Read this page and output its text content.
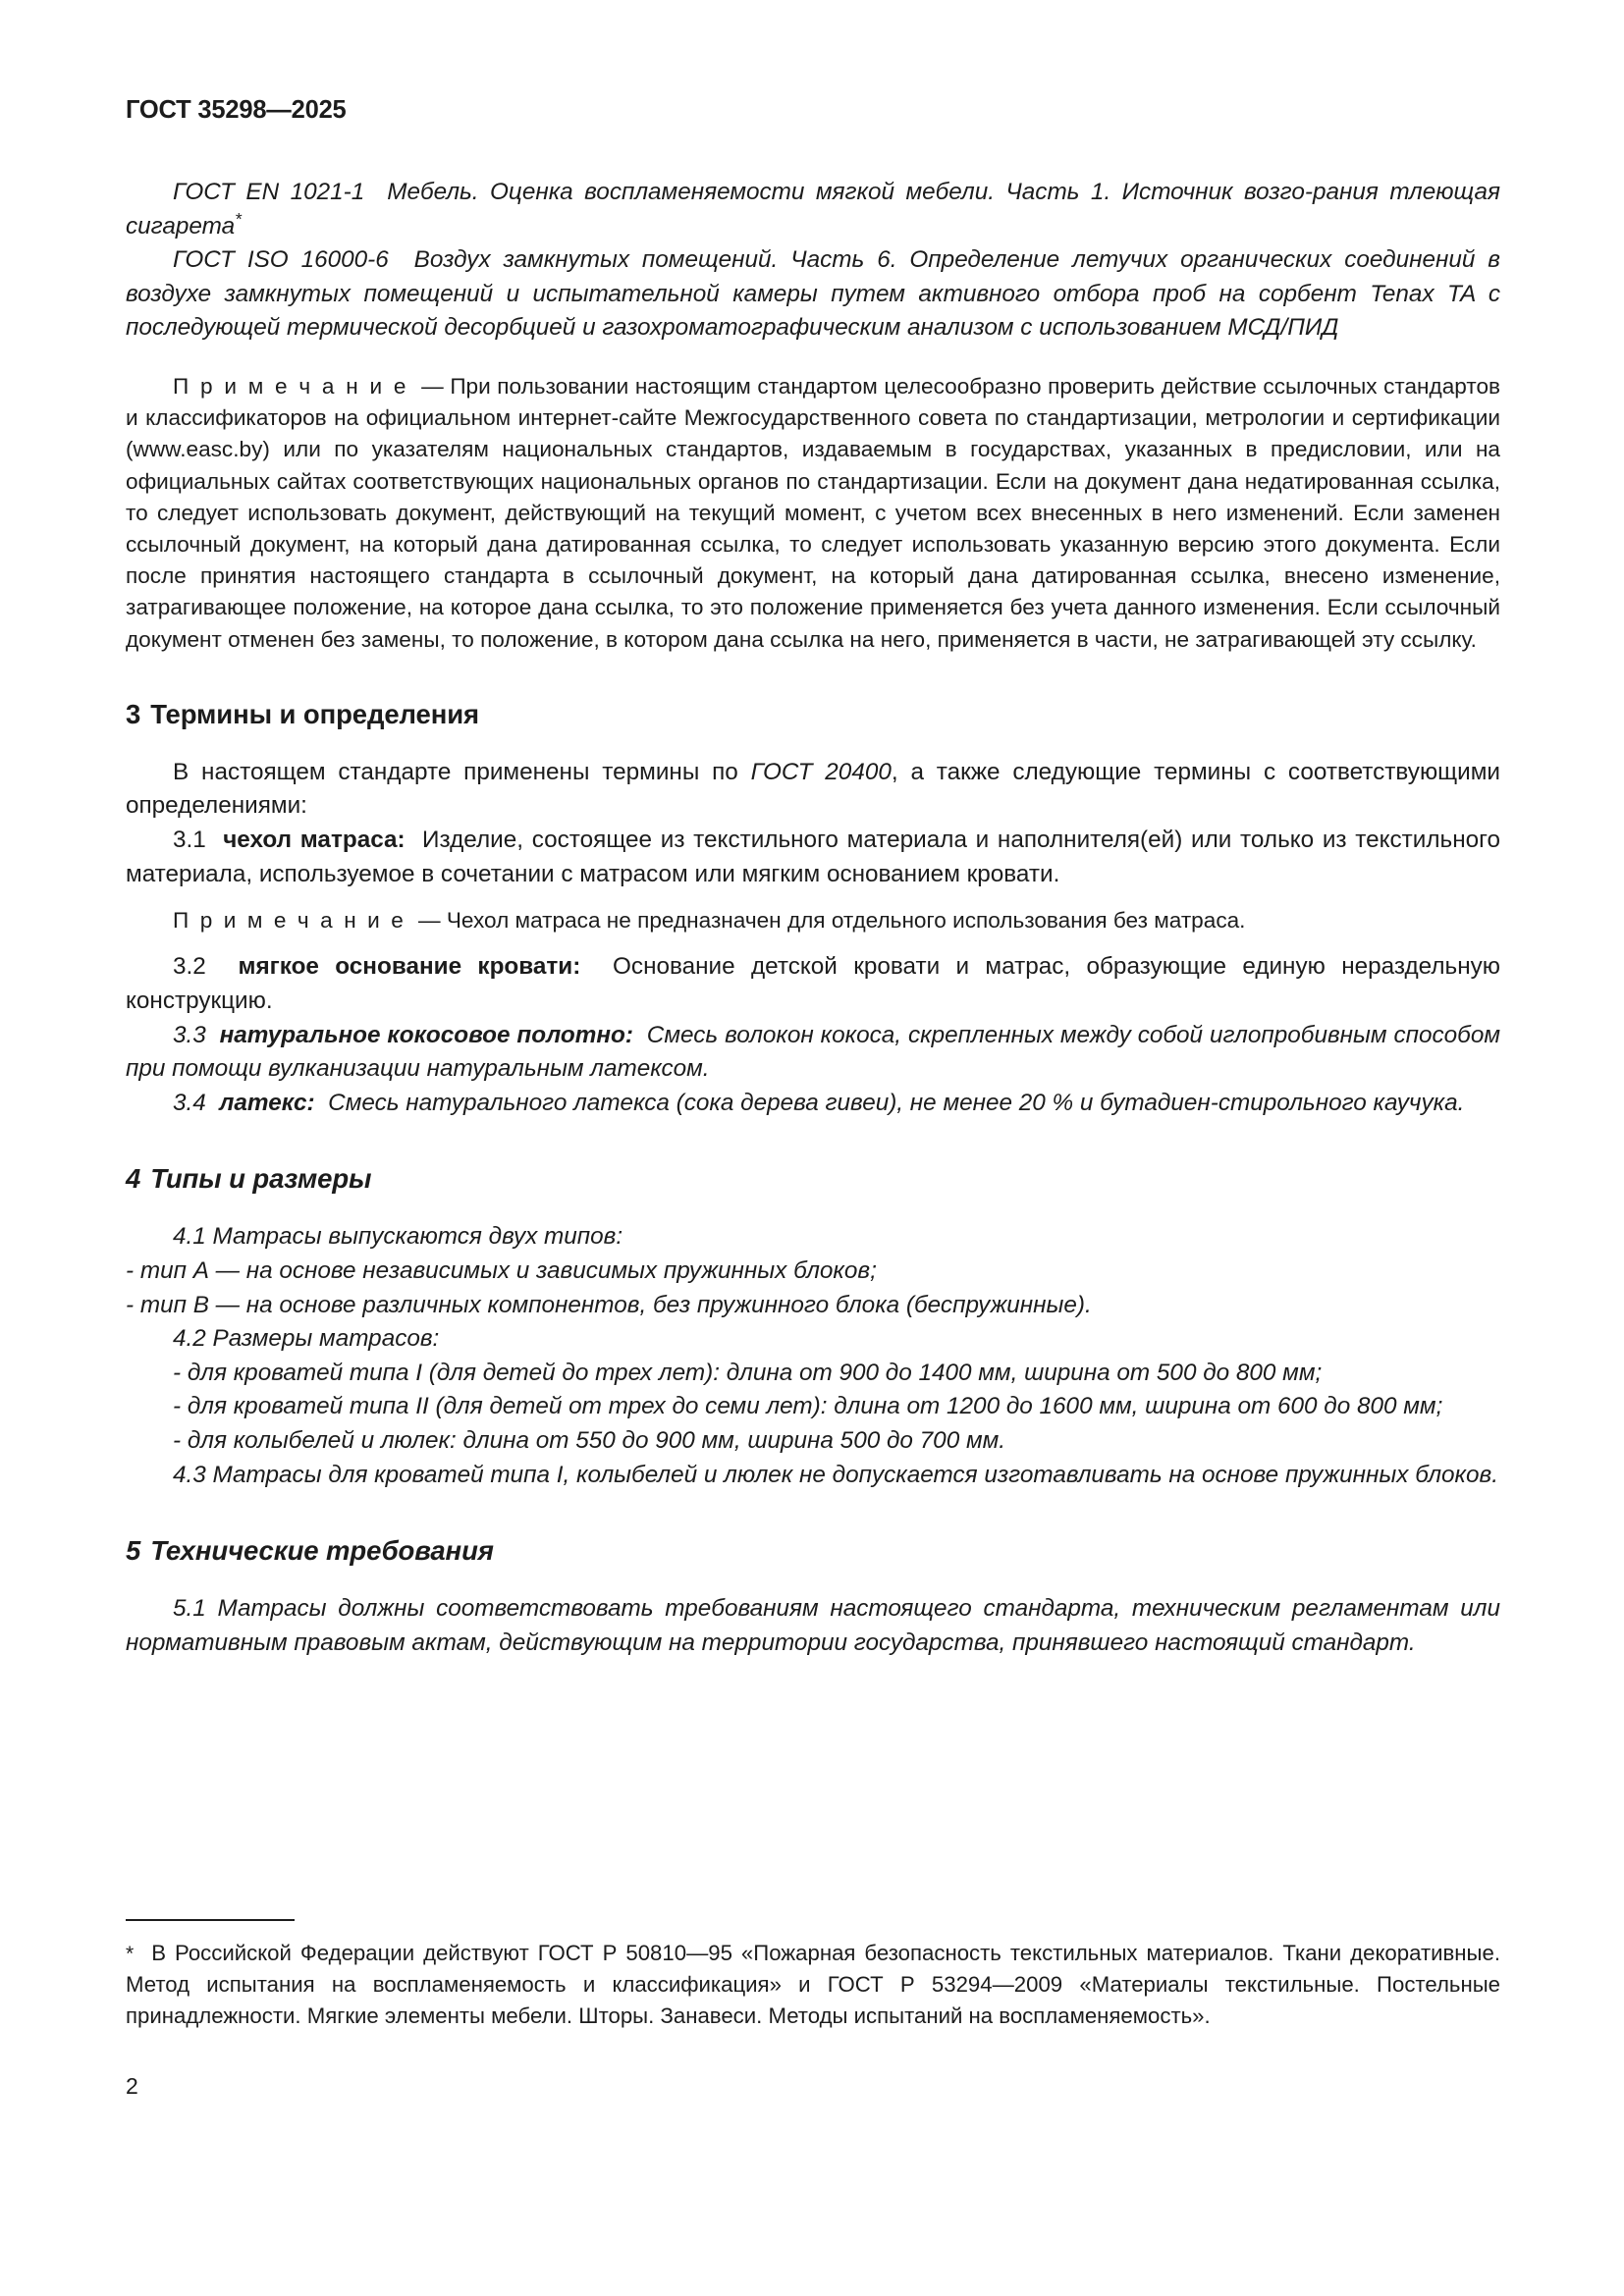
ГОСТ 35298—2025

ГОСТ EN 1021-1 Мебель. Оценка воспламеняемости мягкой мебели. Часть 1. Источник возго-рания тлеющая сигарета*

ГОСТ ISO 16000-6 Воздух замкнутых помещений. Часть 6. Определение летучих органических соединений в воздухе замкнутых помещений и испытательной камеры путем активного отбора проб на сорбент Tenax TA с последующей термической десорбцией и газохроматографическим анализом с использованием МСД/ПИД

П р и м е ч а н и е — При пользовании настоящим стандартом целесообразно проверить действие ссылочных стандартов и классификаторов на официальном интернет-сайте Межгосударственного совета по стандартизации, метрологии и сертификации (www.easc.by) или по указателям национальных стандартов, издаваемым в государствах, указанных в предисловии, или на официальных сайтах соответствующих национальных органов по стандартизации. Если на документ дана недатированная ссылка, то следует использовать документ, действующий на текущий момент, с учетом всех внесенных в него изменений. Если заменен ссылочный документ, на который дана датированная ссылка, то следует использовать указанную версию этого документа. Если после принятия настоящего стандарта в ссылочный документ, на который дана датированная ссылка, внесено изменение, затрагивающее положение, на которое дана ссылка, то это положение применяется без учета данного изменения. Если ссылочный документ отменен без замены, то положение, в котором дана ссылка на него, применяется в части, не затрагивающей эту ссылку.

3 Термины и определения

В настоящем стандарте применены термины по ГОСТ 20400, а также следующие термины с соответствующими определениями:

3.1 чехол матраса: Изделие, состоящее из текстильного материала и наполнителя(ей) или только из текстильного материала, используемое в сочетании с матрасом или мягким основанием кровати.

П р и м е ч а н и е — Чехол матраса не предназначен для отдельного использования без матраса.

3.2 мягкое основание кровати: Основание детской кровати и матрас, образующие единую нераздельную конструкцию.

3.3 натуральное кокосовое полотно: Смесь волокон кокоса, скрепленных между собой иглопробивным способом при помощи вулканизации натуральным латексом.

3.4 латекс: Смесь натурального латекса (сока дерева гивеи), не менее 20 % и бутадиен-стирольного каучука.

4 Типы и размеры

4.1 Матрасы выпускаются двух типов:

- тип А — на основе независимых и зависимых пружинных блоков;

- тип В — на основе различных компонентов, без пружинного блока (беспружинные).

4.2 Размеры матрасов:

- для кроватей типа I (для детей до трех лет): длина от 900 до 1400 мм, ширина от 500 до 800 мм;

- для кроватей типа II (для детей от трех до семи лет): длина от 1200 до 1600 мм, ширина от 600 до 800 мм;

- для колыбелей и люлек: длина от 550 до 900 мм, ширина 500 до 700 мм.

4.3 Матрасы для кроватей типа I, колыбелей и люлек не допускается изготавливать на основе пружинных блоков.

5 Технические требования

5.1 Матрасы должны соответствовать требованиям настоящего стандарта, техническим регламентам или нормативным правовым актам, действующим на территории государства, принявшего настоящий стандарт.

* В Российской Федерации действуют ГОСТ Р 50810—95 «Пожарная безопасность текстильных материалов. Ткани декоративные. Метод испытания на воспламеняемость и классификация» и ГОСТ Р 53294—2009 «Материалы текстильные. Постельные принадлежности. Мягкие элементы мебели. Шторы. Занавеси. Методы испытаний на воспламеняемость».

2
